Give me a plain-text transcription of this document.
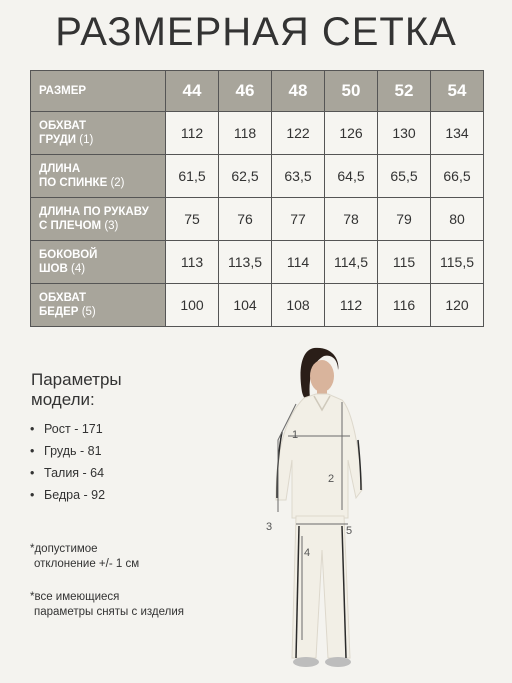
РАЗМЕРНАЯ СЕТКА
РАЗМЕР	44	46	48	50	52	54
ОБХВАТ
ГРУДИ (1)	112	118	122	126	130	134
ДЛИНА
ПО СПИНКЕ (2)	61,5	62,5	63,5	64,5	65,5	66,5
ДЛИНА ПО РУКАВУ
С ПЛЕЧОМ (3)	75	76	77	78	79	80
БОКОВОЙ
ШОВ (4)	113	113,5	114	114,5	115	115,5
ОБХВАТ
БЕДЕР (5)	100	104	108	112	116	120
Параметры
модели:
• Рост - 171
• Грудь - 81
• Талия - 64
• Бедра - 92
*допустимое
отклонение +/- 1 см
*все имеющиеся
параметры сняты с изделия
1
2
3
4
5
